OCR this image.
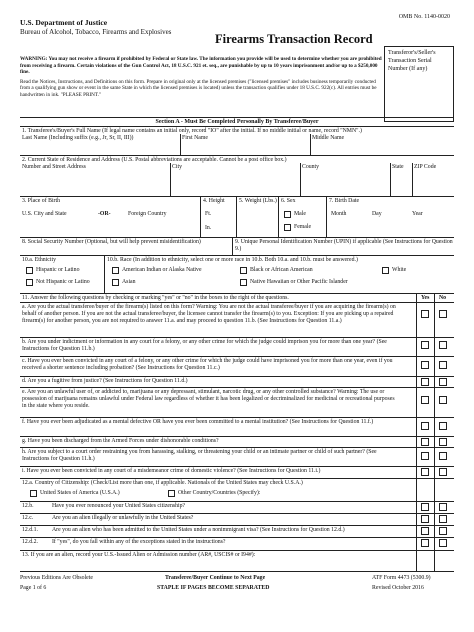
U.S. Department of Justice
Bureau of Alcohol, Tobacco, Firearms and Explosives
OMB No. 1140-0020
Firearms Transaction Record
Transferor's/Seller's Transaction Serial Number (If any)
WARNING: You may not receive a firearm if prohibited by Federal or State law. The information you provide will be used to determine whether you are prohibited from receiving a firearm. Certain violations of the Gun Control Act, 18 U.S.C. 921 et. seq., are punishable by up to 10 years imprisonment and/or up to a $250,000 fine.
Read the Notices, Instructions, and Definitions on this form. Prepare in original only at the licensed premises ("licensed premises" includes business temporarily conducted from a qualifying gun show or event in the same State in which the licensed premises is located) unless the transaction qualifies under 18 U.S.C. 922(c). All entries must be handwritten in ink. "PLEASE PRINT."
Section A - Must Be Completed Personally By Transferee/Buyer
1. Transferee's/Buyer's Full Name (If legal name contains an initial only, record "IO" after the initial. If no middle initial or name, record "NMN".)
Last Name (Including suffix (e.g., Jr, Sr, II, III))	First Name	Middle Name
2. Current State of Residence and Address (U.S. Postal abbreviations are acceptable. Cannot be a post office box.)
Number and Street Address	City	County	State ZIP Code
3. Place of Birth
U.S. City and State	-OR-	Foreign Country
4. Height
Ft.
In.
5. Weight (Lbs.) 6. Sex
Male
Female
7. Birth Date
Month	Day	Year
8. Social Security Number (Optional, but will help prevent misidentification)	9. Unique Personal Identification Number (UPIN) if applicable (See Instructions for Question 9.)
10.a. Ethnicity
Hispanic or Latino
Not Hispanic or Latino
10.b. Race (In addition to ethnicity, select one or more race in 10.b. Both 10.a. and 10.b. must be answered.)
American Indian or Alaska Native	Black or African American	White
Asian	Native Hawaiian or Other Pacific Islander
11. Answer the following questions by checking or marking "yes" or "no" in the boxes to the right of the questions.	Yes No
a. Are you the actual transferee/buyer of the firearm(s) listed on this form? Warning: You are not the actual transferee/buyer if you are acquiring the firearm(s) on behalf of another person. If you are not the actual transferee/buyer, the licensee cannot transfer the firearm(s) to you. Exception: If you are picking up a repaired firearm(s) for another person, you are not required to answer 11.a. and may proceed to question 11.b. (See Instructions for Question 11.a.)
b. Are you under indictment or information in any court for a felony, or any other crime for which the judge could imprison you for more than one year? (See Instructions for Question 11.b.)
c. Have you ever been convicted in any court of a felony, or any other crime for which the judge could have imprisoned you for more than one year, even if you received a shorter sentence including probation? (See Instructions for Question 11.c.)
d. Are you a fugitive from justice? (See Instructions for Question 11.d.)
e. Are you an unlawful user of, or addicted to, marijuana or any depressant, stimulant, narcotic drug, or any other controlled substance? Warning: The use or possession of marijuana remains unlawful under Federal law regardless of whether it has been legalized or decriminalized for medicinal or recreational purposes in the state where you reside.
f. Have you ever been adjudicated as a mental defective OR have you ever been committed to a mental institution? (See Instructions for Question 11.f.)
g. Have you been discharged from the Armed Forces under dishonorable conditions?
h. Are you subject to a court order restraining you from harassing, stalking, or threatening your child or an intimate partner or child of such partner? (See Instructions for Question 11.h.)
i. Have you ever been convicted in any court of a misdemeanor crime of domestic violence? (See Instructions for Question 11.i.)
12.a. Country of Citizenship: (Check/List more than one, if applicable. Nationals of the United States may check U.S.A.)
United States of America (U.S.A.)	Other Country/Countries (Specify):
12.b.	Have you ever renounced your United States citizenship?
12.c.	Are you an alien illegally or unlawfully in the United States?
12.d.1. Are you an alien who has been admitted to the United States under a nonimmigrant visa? (See Instructions for Question 12.d.)
12.d.2. If "yes", do you fall within any of the exceptions stated in the instructions?
13. If you are an alien, record your U.S.-Issued Alien or Admission number (AR#, USCIS# or I94#):
Previous Editions Are Obsolete
Page 1 of 6
Transferee/Buyer Continue to Next Page
STAPLE IF PAGES BECOME SEPARATED
ATF Form 4473 (5300.9)
Revised October 2016
